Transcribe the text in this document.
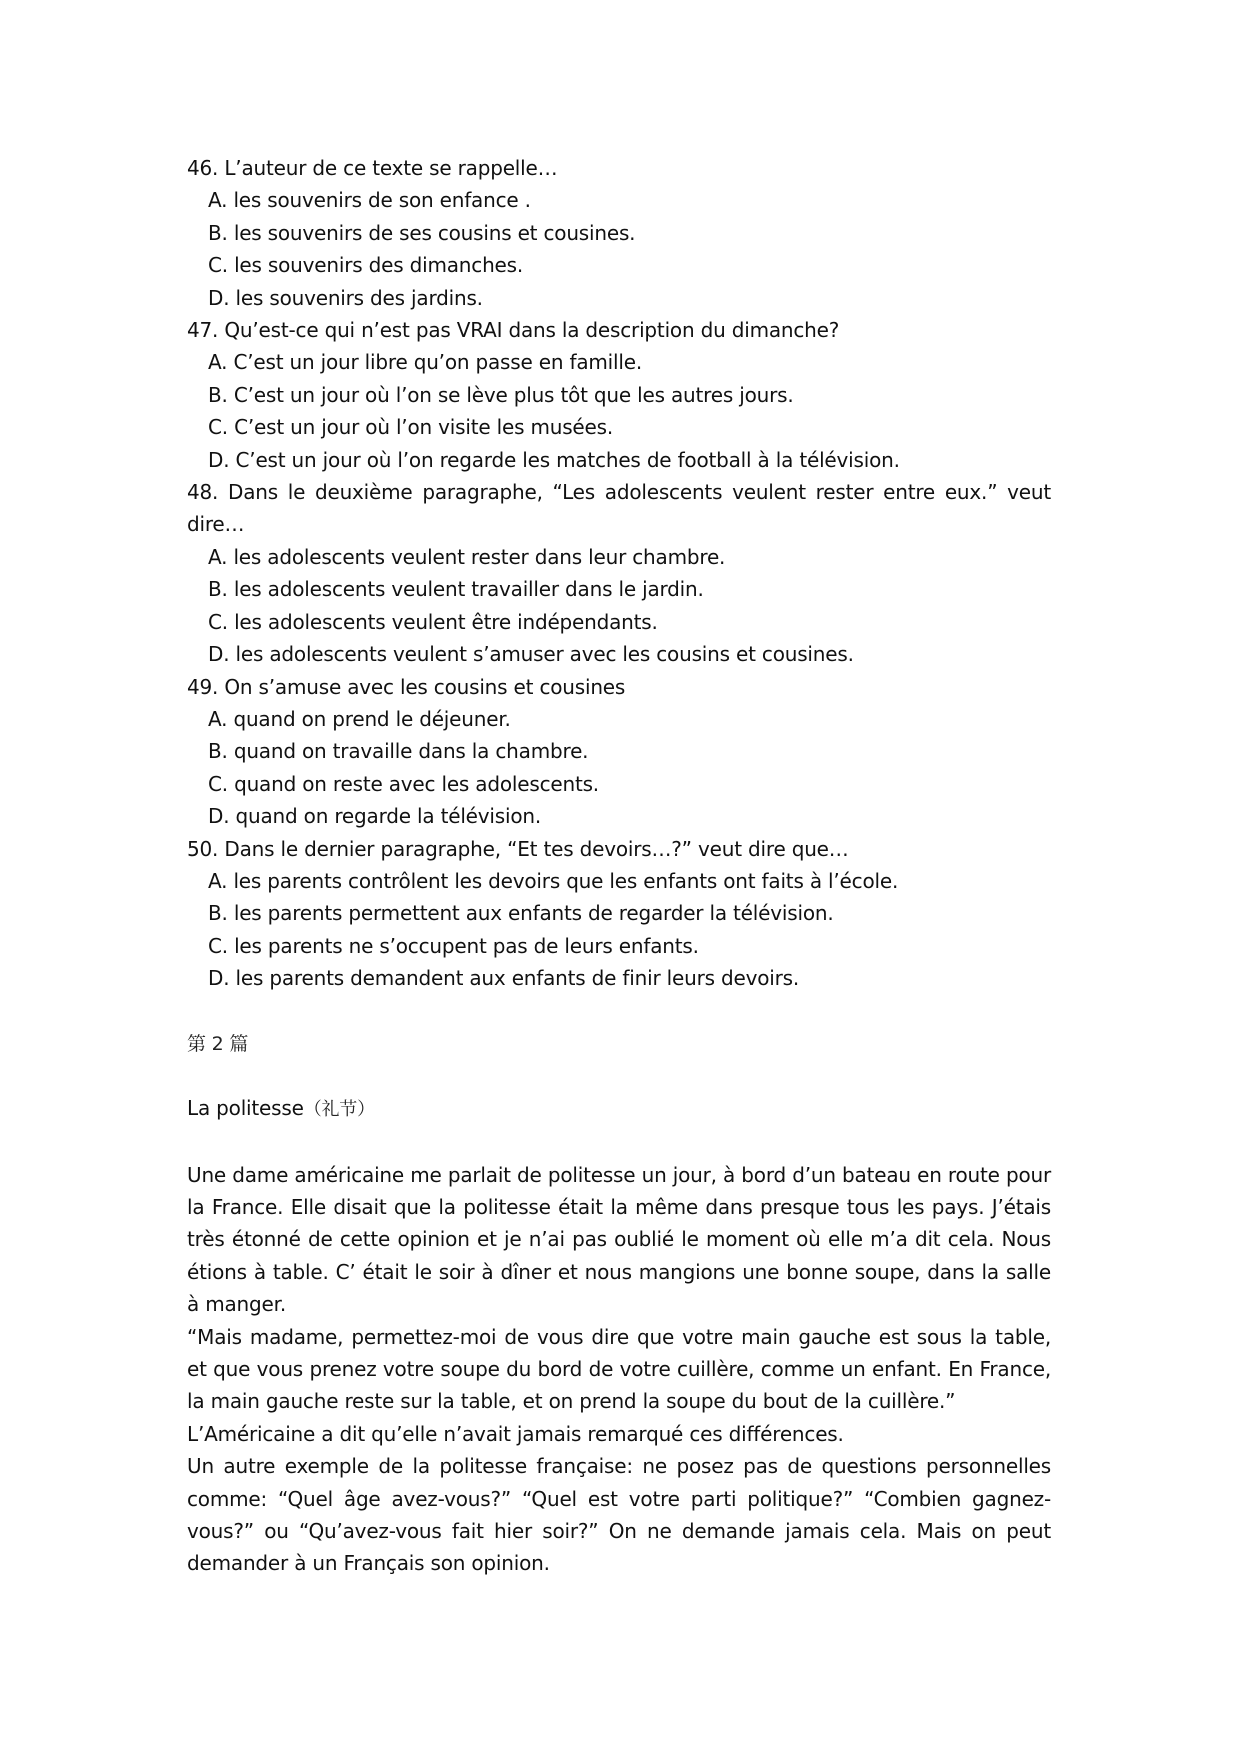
46. L’auteur de ce texte se rappelle…

A. les souvenirs de son enfance .

B. les souvenirs de ses cousins et cousines.

C. les souvenirs des dimanches.

D. les souvenirs des jardins.

47. Qu’est-ce qui n’est pas VRAI dans la description du dimanche?

A. C’est un jour libre qu’on passe en famille.

B. C’est un jour où l’on se lève plus tôt que les autres jours.

C. C’est un jour où l’on visite les musées.

D. C’est un jour où l’on regarde les matches de football à la télévision.

48. Dans le deuxième paragraphe, “Les adolescents veulent rester entre eux.” veut dire…

A. les adolescents veulent rester dans leur chambre.

B. les adolescents veulent travailler dans le jardin.

C. les adolescents veulent être indépendants.

D. les adolescents veulent s’amuser avec les cousins et cousines.

49. On s’amuse avec les cousins et cousines

A. quand on prend le déjeuner.

B. quand on travaille dans la chambre.

C. quand on reste avec les adolescents.

D. quand on regarde la télévision.

50. Dans le dernier paragraphe, “Et tes devoirs…?” veut dire que…

A. les parents contrôlent les devoirs que les enfants ont faits à l’école.

B. les parents permettent aux enfants de regarder la télévision.

C. les parents ne s’occupent pas de leurs enfants.

D. les parents demandent aux enfants de finir leurs devoirs.

第 2 篇

La politesse（礼节）

Une dame américaine me parlait de politesse un jour, à bord d’un bateau en route pour la France. Elle disait que la politesse était la même dans presque tous les pays. J’étais très étonné de cette opinion et je n’ai pas oublié le moment où elle m’a dit cela. Nous étions à table. C’ était le soir à dîner et nous mangions une bonne soupe, dans la salle à manger.

“Mais madame, permettez-moi de vous dire que votre main gauche est sous la table, et que vous prenez votre soupe du bord de votre cuillère, comme un enfant. En France, la main gauche reste sur la table, et on prend la soupe du bout de la cuillère.”

L’Américaine a dit qu’elle n’avait jamais remarqué ces différences.

Un autre exemple de la politesse française: ne posez pas de questions personnelles comme: “Quel âge avez-vous?” “Quel est votre parti politique?” “Combien gagnez-vous?” ou “Qu’avez-vous fait hier soir?” On ne demande jamais cela. Mais on peut demander à un Français son opinion.
